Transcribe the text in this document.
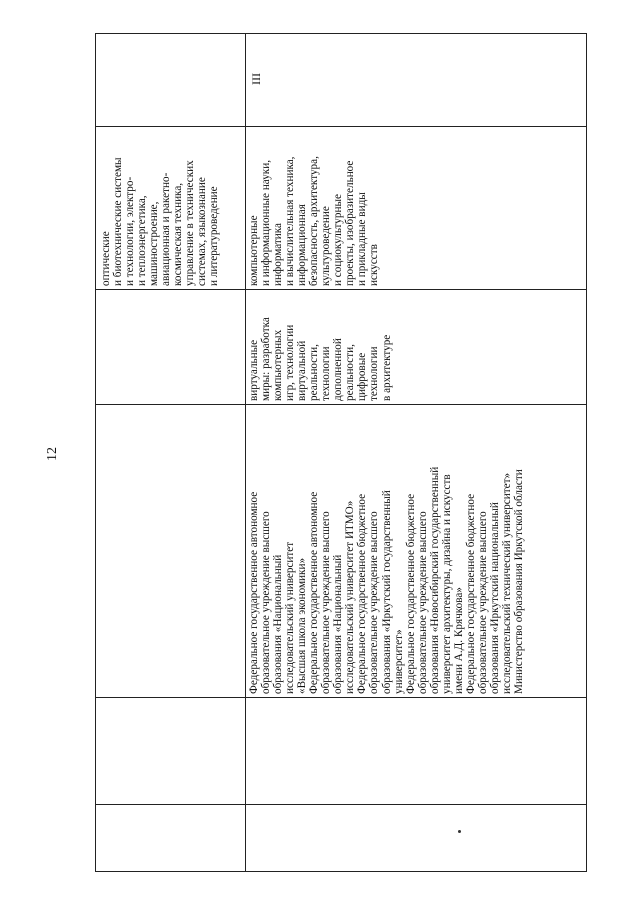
12
оптические и биотехнические системы и технологии, электро- и теплоэнергетика, машиностроение, авиационная и ракетно- космическая техника, управление в технических системах, языкознание и литературоведение
III
компьютерные и информационные науки, информатика и вычислительная техника, информационная безопасность, архитектура, культуроведение и социокультурные проекты, изобразительное и прикладные виды искусств
виртуальные миры: разработка компьютерных игр, технологии виртуальной реальности, технологии дополненной реальности, цифровые технологии в архитектуре
Федеральное государственное автономное образовательное учреждение высшего образования «Национальный исследовательский университет «Высшая школа экономики» Федеральное государственное автономное образовательное учреждение высшего образования «Национальный исследовательский университет ИТМО» Федеральное государственное бюджетное образовательное учреждение высшего образования «Иркутский государственный университет» Федеральное государственное бюджетное образовательное учреждение высшего образования «Новосибирский государственный университет архитектуры, дизайна и искусств имени А.Д. Крячкова» Федеральное государственное бюджетное образовательное учреждение высшего образования «Иркутский национальный исследовательский технический университет» Министерство образования Иркутской области
